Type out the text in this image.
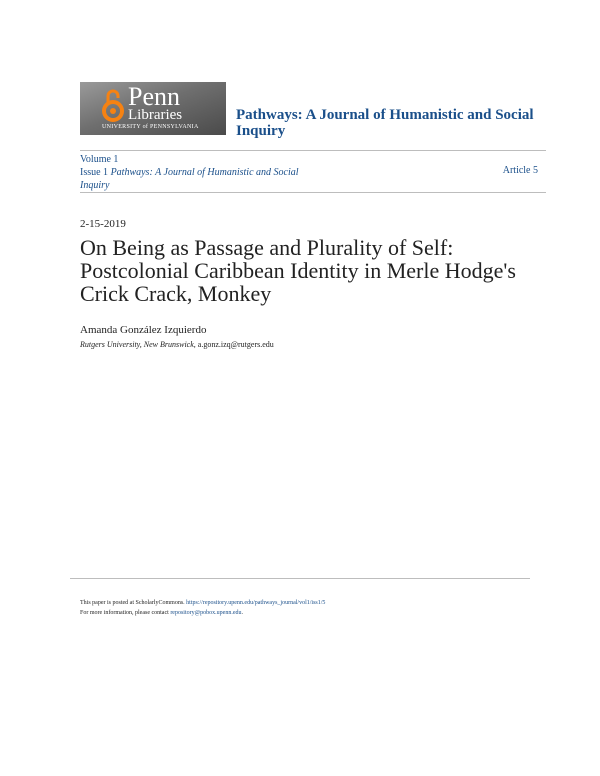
Penn
Libraries
UNIVERSITY of PENNSYLVANIA
Pathways: A Journal of Humanistic and Social Inquiry
Volume 1
Issue 1 Pathways: A Journal of Humanistic and Social
Inquiry
Article 5
2-15-2019
On Being as Passage and Plurality of Self: Postcolonial Caribbean Identity in Merle Hodge's Crick Crack, Monkey
Amanda González Izquierdo
Rutgers University, New Brunswick, a.gonz.izq@rutgers.edu
This paper is posted at ScholarlyCommons. https://repository.upenn.edu/pathways_journal/vol1/iss1/5
For more information, please contact repository@pobox.upenn.edu.
